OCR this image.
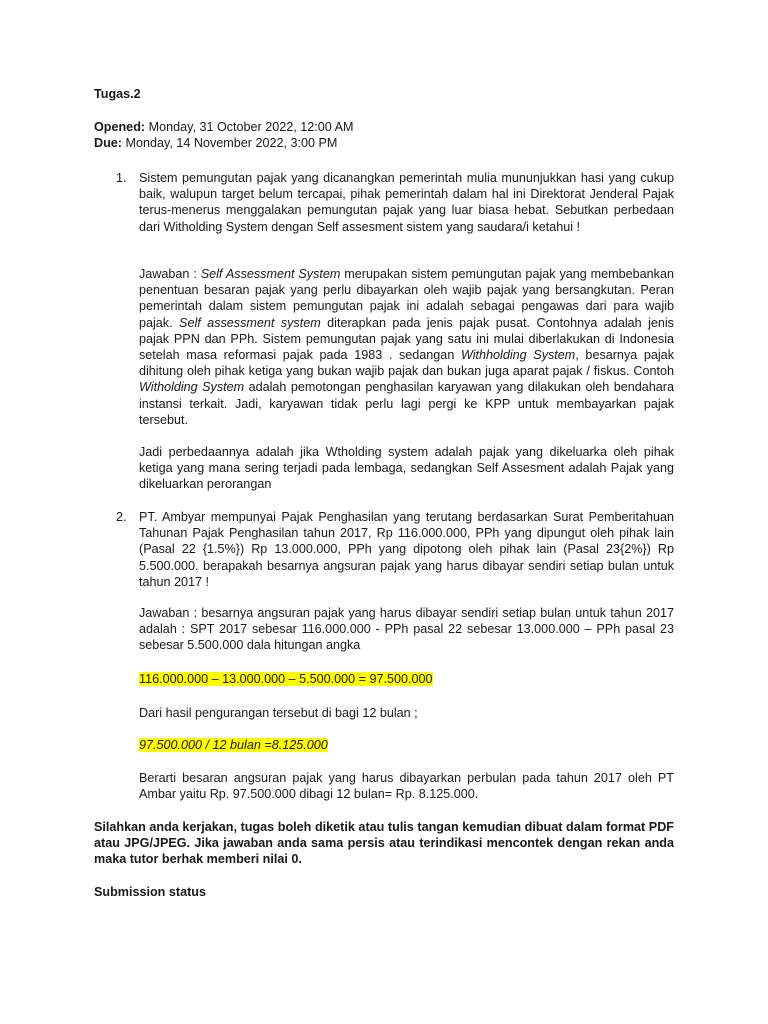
Tugas.2
Opened: Monday, 31 October 2022, 12:00 AM
Due: Monday, 14 November 2022, 3:00 PM
1. Sistem pemungutan pajak yang dicanangkan pemerintah mulia mununjukkan hasi yang cukup baik, walupun target belum tercapai, pihak pemerintah dalam hal ini Direktorat Jenderal Pajak terus-menerus menggalakan pemungutan pajak yang luar biasa hebat. Sebutkan perbedaan dari Witholding System dengan Self assesment sistem yang saudara/i ketahui !

Jawaban : Self Assessment System merupakan sistem pemungutan pajak yang membebankan penentuan besaran pajak yang perlu dibayarkan oleh wajib pajak yang bersangkutan. Peran pemerintah dalam sistem pemungutan pajak ini adalah sebagai pengawas dari para wajib pajak. Self assessment system diterapkan pada jenis pajak pusat. Contohnya adalah jenis pajak PPN dan PPh. Sistem pemungutan pajak yang satu ini mulai diberlakukan di Indonesia setelah masa reformasi pajak pada 1983 . sedangan Withholding System, besarnya pajak dihitung oleh pihak ketiga yang bukan wajib pajak dan bukan juga aparat pajak / fiskus. Contoh Witholding System adalah pemotongan penghasilan karyawan yang dilakukan oleh bendahara instansi terkait. Jadi, karyawan tidak perlu lagi pergi ke KPP untuk membayarkan pajak tersebut.

Jadi perbedaannya adalah jika Wtholding system adalah pajak yang dikeluarka oleh pihak ketiga yang mana sering terjadi pada lembaga, sedangkan Self Assesment adalah Pajak yang dikeluarkan perorangan

2. PT. Ambyar mempunyai Pajak Penghasilan yang terutang berdasarkan Surat Pemberitahuan Tahunan Pajak Penghasilan tahun 2017, Rp 116.000.000, PPh yang dipungut oleh pihak lain (Pasal 22 {1.5%}) Rp 13.000.000, PPh yang dipotong oleh pihak lain (Pasal 23{2%}) Rp 5.500.000. berapakah besarnya angsuran pajak yang harus dibayar sendiri setiap bulan untuk tahun 2017 !

Jawaban : besarnya angsuran pajak yang harus dibayar sendiri setiap bulan untuk tahun 2017 adalah : SPT 2017 sebesar 116.000.000 - PPh pasal 22 sebesar 13.000.000 – PPh pasal 23 sebesar 5.500.000 dala hitungan angka

116.000.000 – 13.000.000 – 5.500.000 = 97.500.000
Dari hasil pengurangan tersebut di bagi 12 bulan ;
97.500.000 / 12 bulan =8.125.000

Berarti besaran angsuran pajak yang harus dibayarkan perbulan pada tahun 2017 oleh PT Ambar yaitu Rp. 97.500.000 dibagi 12 bulan= Rp. 8.125.000.

Silahkan anda kerjakan, tugas boleh diketik atau tulis tangan kemudian dibuat dalam format PDF atau JPG/JPEG. Jika jawaban anda sama persis atau terindikasi mencontek dengan rekan anda maka tutor berhak memberi nilai 0.
Submission status
